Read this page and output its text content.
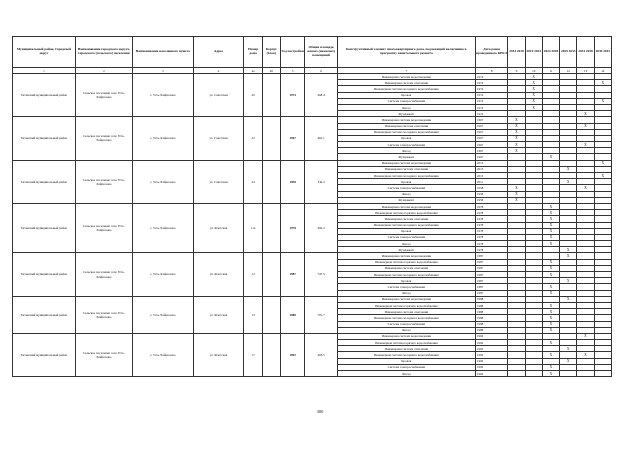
Муниципальный район, Городской округ	Наименование городского округа, городского (сельского) поселения	Наименование населенного пункта	Адрес	Номер дома	Корпус (блок)	Год постройки	Общая площадь жилых (нежилых) помещений	Конструктивный элемент многоквартирного дома, подлежащий включению в программу капитального ремонта	Дата ранее проведенного КРКЭ	2014 2018	2019 2023	2024 2028	2029 2033	2034 2038	2039 2043
1	2	3	4	4а	4б	5	6	7	8	9	10	11	12	13	14
Титанский муниципальный район	Сельское поселение село Усть-Хайрюзово	с. Усть-Хайрюзово	ул. Советская	20		1974	468.4	Инженерная система водоотведения	1974		X				
								Инженерная система отопления	1974		X				X
								Инженерная система холодного водоснабжения	1974		X				
								Кровля	1974		X				
								Система электроснабжения	1974		X				X
								Фасад	1974		X				
								Фундамент	1974					X	
Титанский муниципальный район	Сельское поселение село Усть-Хайрюзово	с. Усть-Хайрюзово	ул. Советская	22		1967	481.1	Инженерная система водоотведения	1967	X					
								Инженерная система отопления	1967	X				X	
								Инженерная система холодного водоснабжения	1967	X					
								Кровля	1967	X					
								Система электроснабжения	1967	X				X	
								Фасад	1967	X					
								Фундамент	1967			X			
Титанский муниципальный район	Сельское поселение село Усть-Хайрюзово	с. Усть-Хайрюзово	ул. Советская	24		1958	336.2	Инженерная система водоотведения	2013						X
								Инженерная система отопления	2013				X		
								Инженерная система холодного водоснабжения	2013						X
								Кровля	2011				X		
								Система электроснабжения	1958	X				X	
								Фасад	1958	X					
								Фундамент	1958	X					
Титанский муниципальный район	Сельское поселение село Усть-Хайрюзово	с. Усть-Хайрюзово	ул. Флотская	11а		1978	492.2	Инженерная система водоотведения	1978			X			
								Инженерная система горячего водоснабжения	1978			X			
								Инженерная система отопления	1978			X			
								Инженерная система холодного водоснабжения	1978			X			
								Кровля	1978			X			
								Система электроснабжения	1978			X			
								Фасад	1978			X			
								Фундамент	1978				X		
Титанский муниципальный район	Сельское поселение село Усть-Хайрюзово	с. Усть-Хайрюзово	ул. Флотская	12		1987	725.5	Инженерная система водоотведения	1987				X		
								Инженерная система горячего водоснабжения	1987			X			
								Инженерная система отопления	1987			X			
								Инженерная система холодного водоснабжения	1987			X			
								Кровля	1987				X		
								Система электроснабжения	1987			X			
								Фасад	1987			X			
Титанский муниципальный район	Сельское поселение село Усть-Хайрюзово	с. Усть-Хайрюзово	ул. Флотская	13		1988	701.7	Инженерная система водоотведения	1988				X		
								Инженерная система горячего водоснабжения	1988			X			
								Инженерная система отопления	1988			X			
								Инженерная система холодного водоснабжения	1988			X			
								Система электроснабжения	1988			X			
								Фасад	1988			X			
Титанский муниципальный район	Сельское поселение село Усть-Хайрюзово	с. Усть-Хайрюзово	ул. Флотская	17		1992	463.5	Инженерная система водоотведения	1992					X	
								Инженерная система горячего водоснабжения	1992			X			
								Инженерная система отопления	1992				X		
								Инженерная система холодного водоснабжения	1992			X		X	
								Кровля	1992				X		
								Система электроснабжения	1992			X			
								Фасад	1992			X			
300
